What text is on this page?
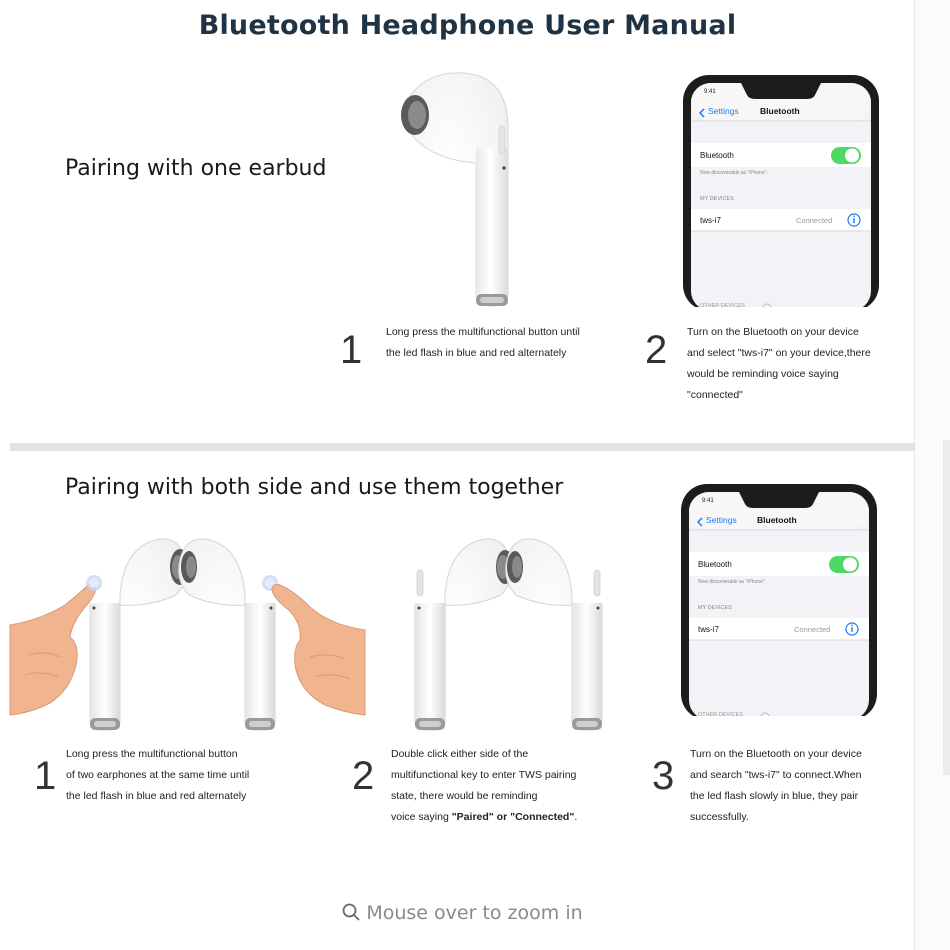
Bluetooth Headphone User Manual
Pairing with one earbud
9:41
Settings	Bluetooth
Bluetooth
Now discoverable as "iPhone".
MY DEVICES
tws-i7	Connected
OTHER DEVICES
1 Long press the multifunctional button until
the led flash in blue and red alternately	2 Turn on the Bluetooth on your device
and select "tws-i7" on your device,there
would be reminding voice saying
"connected"
Pairing with both side and use them together
9:41
Settings Bluetooth
Bluetooth
Now discoverable as "iPhone".
MY DEVICES
tws-i7	Connected
OTHER DEVICES
1 Long press the multifunctional button
of two earphones at the same time until
the led flash in blue and red alternately	2 Double click either side of the
multifunctional key to enter TWS pairing
state, there would be reminding
voice saying "Paired" or "Connected".
3 Turn on the Bluetooth on your device
and search "tws-i7" to connect.When
the led flash slowly in blue, they pair
successfully.
Mouse over to zoom in
